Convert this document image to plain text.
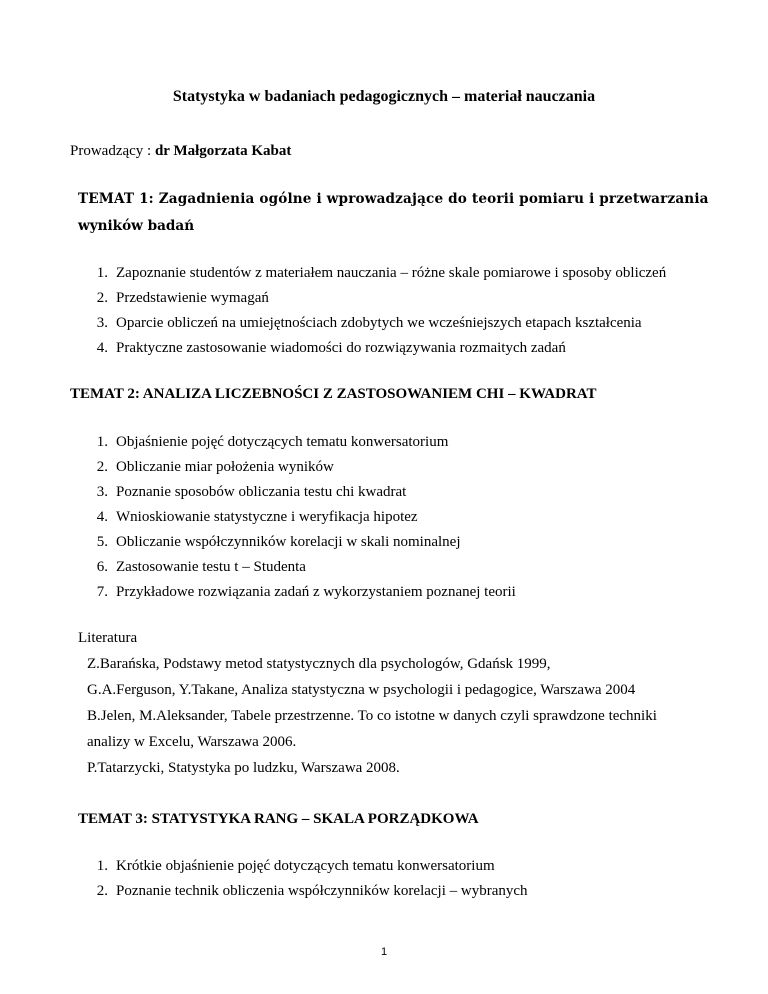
Statystyka w badaniach pedagogicznych – materiał nauczania
Prowadzący : dr Małgorzata Kabat
TEMAT 1: Zagadnienia ogólne i wprowadzające do teorii pomiaru i przetwarzania
wyników badań
1. Zapoznanie studentów z materiałem nauczania – różne skale pomiarowe i sposoby obliczeń
2. Przedstawienie wymagań
3. Oparcie obliczeń na umiejętnościach zdobytych we wcześniejszych etapach kształcenia
4. Praktyczne zastosowanie wiadomości do rozwiązywania rozmaitych zadań
TEMAT 2: ANALIZA LICZEBNOŚCI Z ZASTOSOWANIEM CHI – KWADRAT
1. Objaśnienie pojęć dotyczących tematu konwersatorium
2. Obliczanie miar położenia wyników
3. Poznanie sposobów obliczania testu chi kwadrat
4. Wnioskiowanie statystyczne i weryfikacja hipotez
5. Obliczanie współczynników korelacji w skali nominalnej
6. Zastosowanie testu t – Studenta
7. Przykładowe rozwiązania zadań z wykorzystaniem poznanej teorii
Literatura
Z.Barańska, Podstawy metod statystycznych dla psychologów, Gdańsk 1999,
G.A.Ferguson, Y.Takane, Analiza statystyczna w psychologii i pedagogice, Warszawa 2004
B.Jelen, M.Aleksander, Tabele przestrzenne. To co istotne w danych czyli sprawdzone techniki
analizy w Excelu, Warszawa 2006.
P.Tatarzycki, Statystyka po ludzku, Warszawa 2008.
TEMAT 3: STATYSTYKA RANG – SKALA PORZĄDKOWA
1. Krótkie objaśnienie pojęć dotyczących tematu konwersatorium
2. Poznanie technik obliczenia współczynników korelacji – wybranych
1
